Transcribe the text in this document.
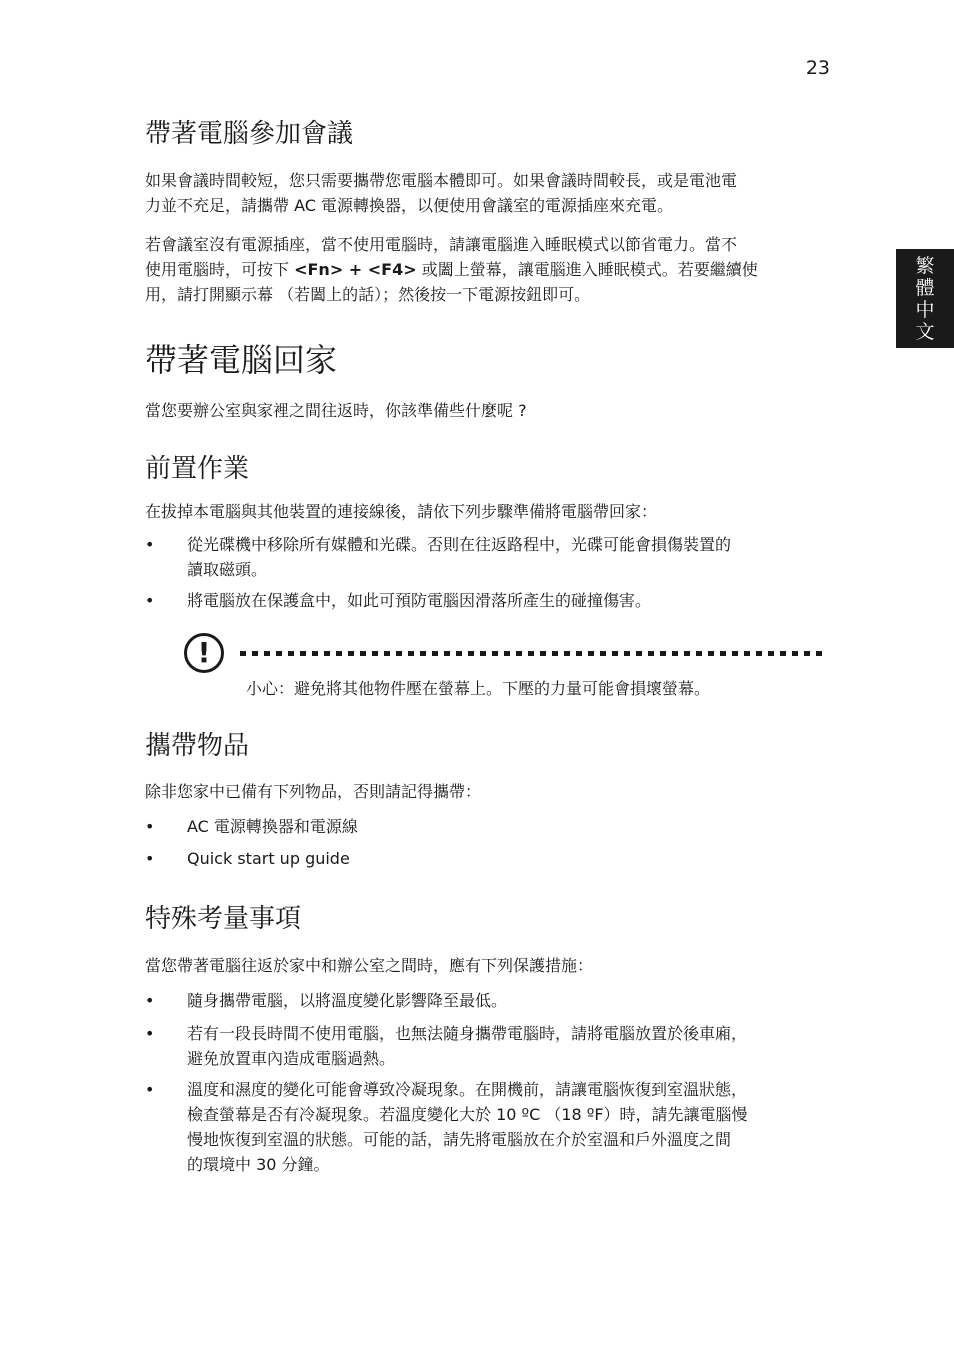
23
繁
體
中
文
帶著電腦參加會議
如果會議時間較短，您只需要攜帶您電腦本體即可。如果會議時間較長，或是電池電
力並不充足，請攜帶 AC 電源轉換器，以便使用會議室的電源插座來充電。
若會議室沒有電源插座，當不使用電腦時，請讓電腦進入睡眠模式以節省電力。當不
使用電腦時，可按下 <Fn> + <F4> 或闔上螢幕，讓電腦進入睡眠模式。若要繼續使
用，請打開顯示幕 （若闔上的話）；然後按一下電源按鈕即可。
帶著電腦回家
當您要辦公室與家裡之間往返時，你該準備些什麼呢 ?
前置作業
在拔掉本電腦與其他裝置的連接線後，請依下列步驟準備將電腦帶回家：
•	從光碟機中移除所有媒體和光碟。否則在往返路程中，光碟可能會損傷裝置的
讀取磁頭。
•	將電腦放在保護盒中，如此可預防電腦因滑落所產生的碰撞傷害。
!
小心：避免將其他物件壓在螢幕上。下壓的力量可能會損壞螢幕。
攜帶物品
除非您家中已備有下列物品，否則請記得攜帶：
•	AC 電源轉換器和電源線
•	Quick start up guide
特殊考量事項
當您帶著電腦往返於家中和辦公室之間時，應有下列保護措施：
•	隨身攜帶電腦，以將溫度變化影響降至最低。
•	若有一段長時間不使用電腦，也無法隨身攜帶電腦時，請將電腦放置於後車廂，
避免放置車內造成電腦過熱。
•	溫度和濕度的變化可能會導致冷凝現象。在開機前，請讓電腦恢復到室溫狀態，
檢查螢幕是否有冷凝現象。若溫度變化大於 10 ºC （18 ºF）時，請先讓電腦慢
慢地恢復到室溫的狀態。可能的話，請先將電腦放在介於室溫和戶外溫度之間
的環境中 30 分鐘。
